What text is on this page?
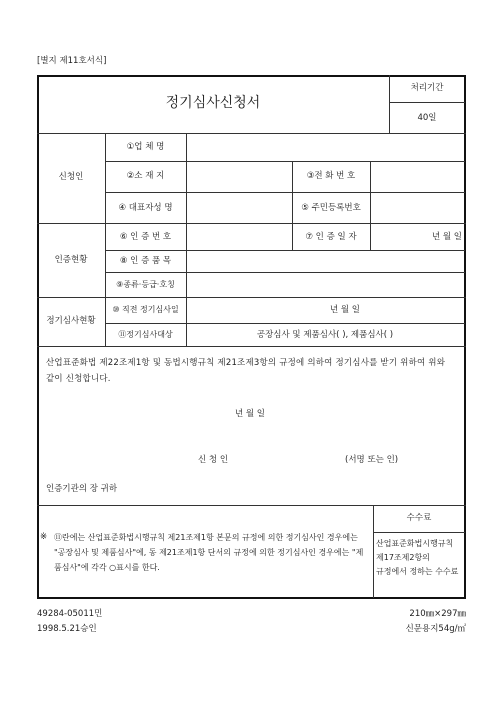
[별지 제11호서식]
정기심사신청서
처리기간
40일
신청인
①업 체 명
②소 재 지	③전 화 번 호
④ 대표자성 명	⑤ 주민등록번호
인증현황
⑥ 인 증 번 호	⑦ 인 증 일 자	년 월 일
⑧ 인 증 품 목
⑨종류·등급·호칭
정기심사현황
⑩ 직전 정기심사일	년 월 일
⑪정기심사대상	공장심사 및 제품심사( ), 제품심사( )
산업표준화법 제22조제1항 및 동법시행규칙 제21조제3항의 규정에 의하여 정기심사를 받기 위하여 위와 같이 신청합니다.
년 월 일
신 청 인	(서명 또는 인)
인증기관의 장 귀하
※ ⑪란에는 산업표준화법시행규칙 제21조제1항 본문의 규정에 의한 정기심사인 경우에는 "공장심사 및 제품심사"에, 동 제21조제1항 단서의 규정에 의한 정기심사인 경우에는 "제품심사"에 각각 ○표시를 한다.
수수료
산업표준화법시행규칙 제17조제2항의 규정에서 정하는 수수료
49284-05011민
1998.5.21승인
210㎜×297㎜
신문용지54g/㎡
